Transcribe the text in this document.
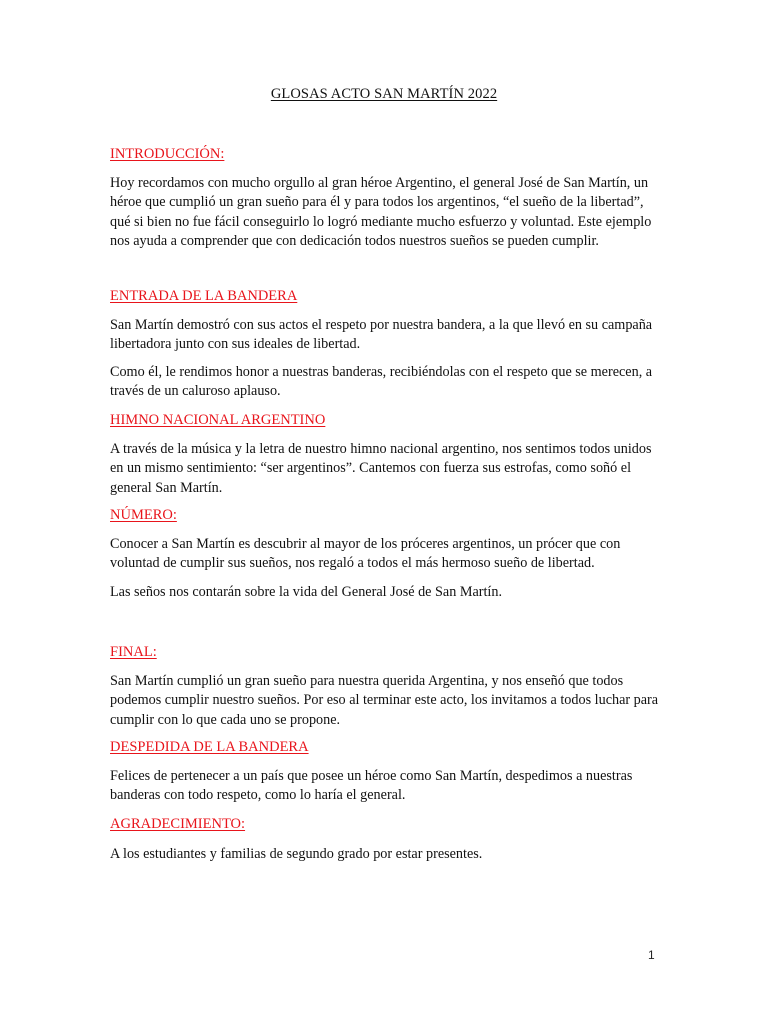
GLOSAS ACTO SAN MARTÍN 2022
INTRODUCCIÓN:
Hoy recordamos con mucho orgullo al gran héroe Argentino, el general José de San Martín, un héroe que cumplió un gran sueño para él y para todos los argentinos, “el sueño de la libertad”, qué si bien no fue fácil conseguirlo lo logró mediante mucho esfuerzo y voluntad. Este ejemplo nos ayuda a comprender que con dedicación todos nuestros sueños se pueden cumplir.
ENTRADA DE LA BANDERA
San Martín demostró con sus actos el respeto por nuestra bandera, a la que llevó en su campaña libertadora junto con sus ideales de libertad.
Como él, le rendimos honor a nuestras banderas, recibiéndolas con el respeto que se merecen, a través de un caluroso aplauso.
HIMNO NACIONAL ARGENTINO
A través de la música y la letra de nuestro himno nacional argentino, nos sentimos todos unidos en un mismo sentimiento: “ser argentinos”. Cantemos con fuerza sus estrofas, como soñó el general San Martín.
NÚMERO:
Conocer a San Martín es descubrir al mayor de los próceres argentinos, un prócer que con voluntad de cumplir sus sueños, nos regaló a todos el más hermoso sueño de libertad.
Las seños nos contarán sobre la vida del General José de San Martín.
FINAL:
San Martín cumplió un gran sueño para nuestra querida Argentina, y nos enseñó que todos podemos cumplir nuestro sueños. Por eso al terminar este acto, los invitamos a todos luchar para cumplir con lo que cada uno se propone.
DESPEDIDA DE LA BANDERA
Felices de pertenecer a un país que posee un héroe como San Martín, despedimos a nuestras banderas con todo respeto, como lo haría el general.
AGRADECIMIENTO:
A los estudiantes y familias de segundo grado por estar presentes.
1
